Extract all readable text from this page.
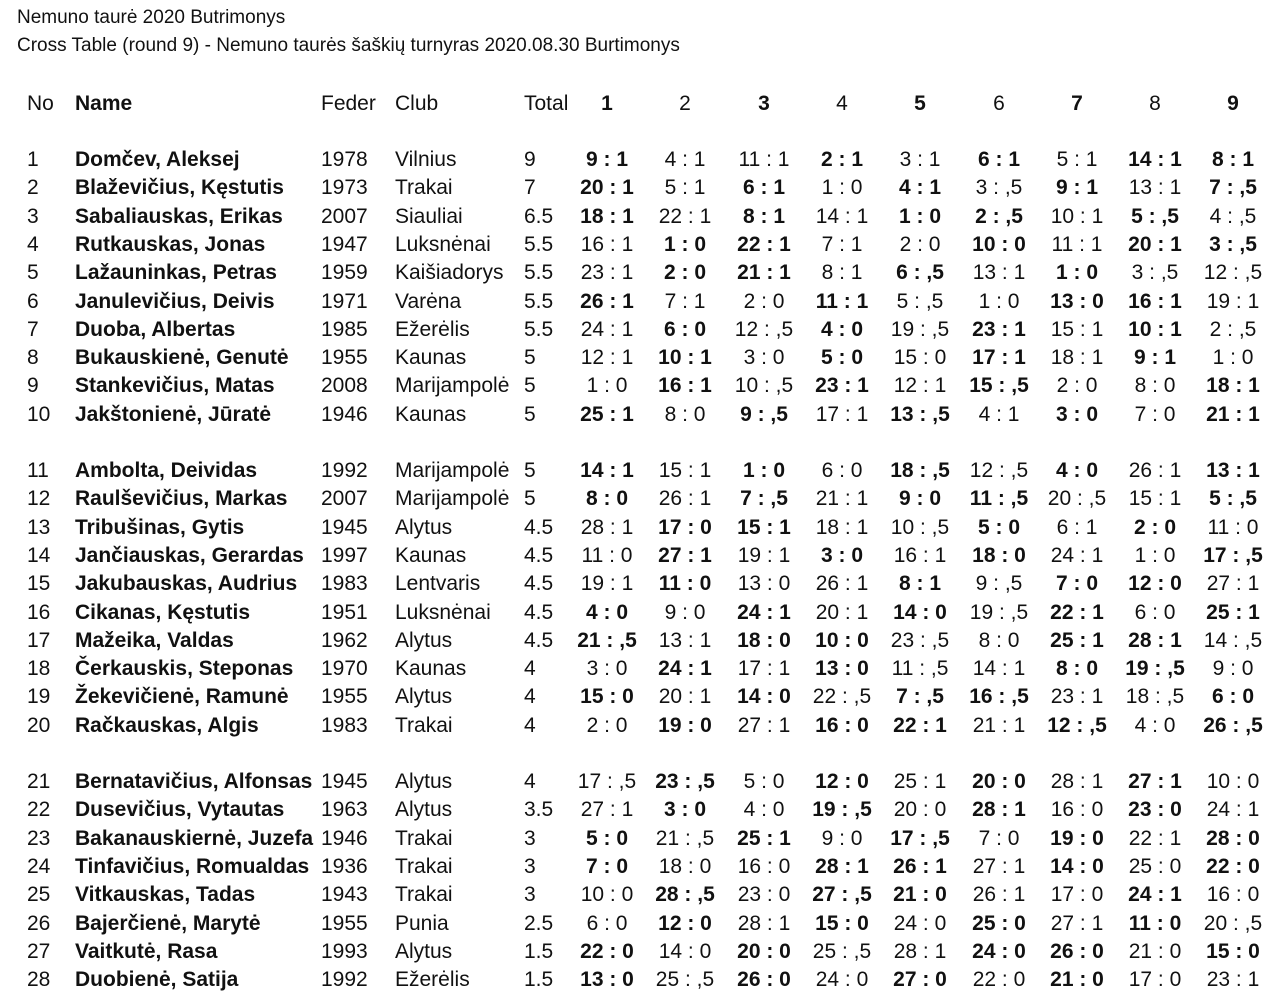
Nemuno taurė 2020 Butrimonys
Cross Table (round 9) - Nemuno taurės šaškių turnyras 2020.08.30 Burtimonys
No Name	Feder Club	Total	1	2	3	4	5	6	7	8	9
1 Domčev, Aleksej	1978 Vilnius	9	9 : 1	4 : 1	11 : 1	2 : 1	3 : 1	6 : 1	5 : 1	14 : 1	8 : 1
2 Blaževičius, Kęstutis 1973 Trakai	7	20 : 1	5 : 1	6 : 1	1 : 0	4 : 1	3 : ,5	9 : 1	13 : 1	7 : ,5
3 Sabaliauskas, Erikas 2007 Siauliai	6.5	18 : 1	22 : 1	8 : 1	14 : 1	1 : 0	2 : ,5	10 : 1	5 : ,5	4 : ,5
4 Rutkauskas, Jonas	1947 Luksnėnai 5.5	16 : 1	1 : 0	22 : 1	7 : 1	2 : 0	10 : 0	11 : 1	20 : 1	3 : ,5
5 Lažauninkas, Petras 1959 Kaišiadorys 5.5	23 : 1	2 : 0	21 : 1	8 : 1	6 : ,5	13 : 1	1 : 0	3 : ,5	12 : ,5
6 Janulevičius, Deivis 1971 Varėna	5.5	26 : 1	7 : 1	2 : 0	11 : 1	5 : ,5	1 : 0	13 : 0	16 : 1	19 : 1
7 Duoba, Albertas	1985 Ežerėlis	5.5	24 : 1	6 : 0	12 : ,5	4 : 0	19 : ,5	23 : 1	15 : 1	10 : 1	2 : ,5
8 Bukauskienė, Genutė 1955 Kaunas	5	12 : 1	10 : 1	3 : 0	5 : 0	15 : 0	17 : 1	18 : 1	9 : 1	1 : 0
9 Stankevičius, Matas 2008 Marijampolė 5	1 : 0	16 : 1	10 : ,5	23 : 1	12 : 1	15 : ,5	2 : 0	8 : 0	18 : 1
10 Jakštonienė, Jūratė 1946 Kaunas	5	25 : 1	8 : 0	9 : ,5	17 : 1	13 : ,5	4 : 1	3 : 0	7 : 0	21 : 1
11 Ambolta, Deividas	1992 Marijampolė 5	14 : 1	15 : 1	1 : 0	6 : 0	18 : ,5 12 : ,5	4 : 0	26 : 1	13 : 1
12 Raulševičius, Markas 2007 Marijampolė 5	8 : 0	26 : 1	7 : ,5	21 : 1	9 : 0	11 : ,5 20 : ,5	15 : 1	5 : ,5
13 Tribušinas, Gytis	1945 Alytus	4.5	28 : 1	17 : 0	15 : 1	18 : 1	10 : ,5	5 : 0	6 : 1	2 : 0	11 : 0
14 Jančiauskas, Gerardas 1997 Kaunas	4.5	11 : 0	27 : 1	19 : 1	3 : 0	16 : 1	18 : 0	24 : 1	1 : 0	17 : ,5
15 Jakubauskas, Audrius 1983 Lentvaris 4.5	19 : 1	11 : 0	13 : 0	26 : 1	8 : 1	9 : ,5	7 : 0	12 : 0	27 : 1
16 Cikanas, Kęstutis	1951 Luksnėnai 4.5	4 : 0	9 : 0	24 : 1	20 : 1	14 : 0	19 : ,5	22 : 1	6 : 0	25 : 1
17 Mažeika, Valdas	1962 Alytus	4.5	21 : ,5	13 : 1	18 : 0	10 : 0	23 : ,5	8 : 0	25 : 1	28 : 1	14 : ,5
18 Čerkauskis, Steponas 1970 Kaunas	4	3 : 0	24 : 1	17 : 1	13 : 0	11 : ,5	14 : 1	8 : 0	19 : ,5	9 : 0
19 Žekevičienė, Ramunė 1955 Alytus	4	15 : 0	20 : 1	14 : 0	22 : ,5	7 : ,5	16 : ,5	23 : 1	18 : ,5	6 : 0
20 Račkauskas, Algis	1983 Trakai	4	2 : 0	19 : 0	27 : 1	16 : 0	22 : 1	21 : 1	12 : ,5	4 : 0	26 : ,5
21 Bernatavičius, Alfonsas 1945 Alytus	4	17 : ,5 23 : ,5	5 : 0	12 : 0	25 : 1	20 : 0	28 : 1	27 : 1	10 : 0
22 Dusevičius, Vytautas 1963 Alytus	3.5	27 : 1	3 : 0	4 : 0	19 : ,5	20 : 0	28 : 1	16 : 0	23 : 0	24 : 1
23 Bakanauskiernė, Juzefa 1946 Trakai	3	5 : 0	21 : ,5	25 : 1	9 : 0	17 : ,5	7 : 0	19 : 0	22 : 1	28 : 0
24 Tinfavičius, Romualdas 1936 Trakai	3	7 : 0	18 : 0	16 : 0	28 : 1	26 : 1	27 : 1	14 : 0	25 : 0	22 : 0
25 Vitkauskas, Tadas	1943 Trakai	3	10 : 0	28 : ,5	23 : 0	27 : ,5	21 : 0	26 : 1	17 : 0	24 : 1	16 : 0
26 Bajerčienė, Marytė	1955 Punia	2.5	6 : 0	12 : 0	28 : 1	15 : 0	24 : 0	25 : 0	27 : 1	11 : 0	20 : ,5
27 Vaitkutė, Rasa	1993 Alytus	1.5	22 : 0	14 : 0	20 : 0	25 : ,5	28 : 1	24 : 0	26 : 0	21 : 0	15 : 0
28 Duobienė, Satija	1992 Ežerėlis	1.5	13 : 0	25 : ,5	26 : 0	24 : 0	27 : 0	22 : 0	21 : 0	17 : 0	23 : 1
